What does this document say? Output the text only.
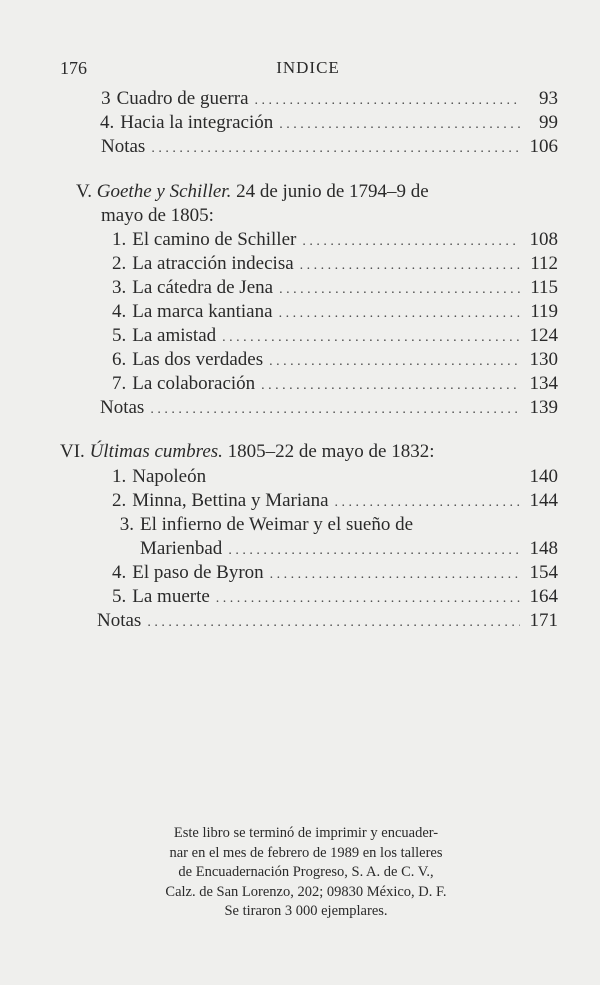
176	INDICE
3 Cuadro de guerra . . .	93
4. Hacia la integración . . .	99
Notas . . .	106
V. Goethe y Schiller. 24 de junio de 1794–9 de
mayo de 1805:
1. El camino de Schiller . . .	108
2. La atracción indecisa . . .	112
3. La cátedra de Jena . . .	115
4. La marca kantiana . . .	119
5. La amistad . . .	124
6. Las dos verdades . . .	130
7. La colaboración . . .	134
Notas . . .	139
VI. Últimas cumbres. 1805–22 de mayo de 1832:
1. Napoleón	140
2. Minna, Bettina y Mariana . . .	144
3. El infierno de Weimar y el sueño de
Marienbad . . .	148
4. El paso de Byron . . .	154
5. La muerte . . .	164
Notas . . .	171
Este libro se terminó de imprimir y encuader-
nar en el mes de febrero de 1989 en los talleres
de Encuadernación Progreso, S. A. de C. V.,
Calz. de San Lorenzo, 202; 09830 México, D. F.
Se tiraron 3 000 ejemplares.
